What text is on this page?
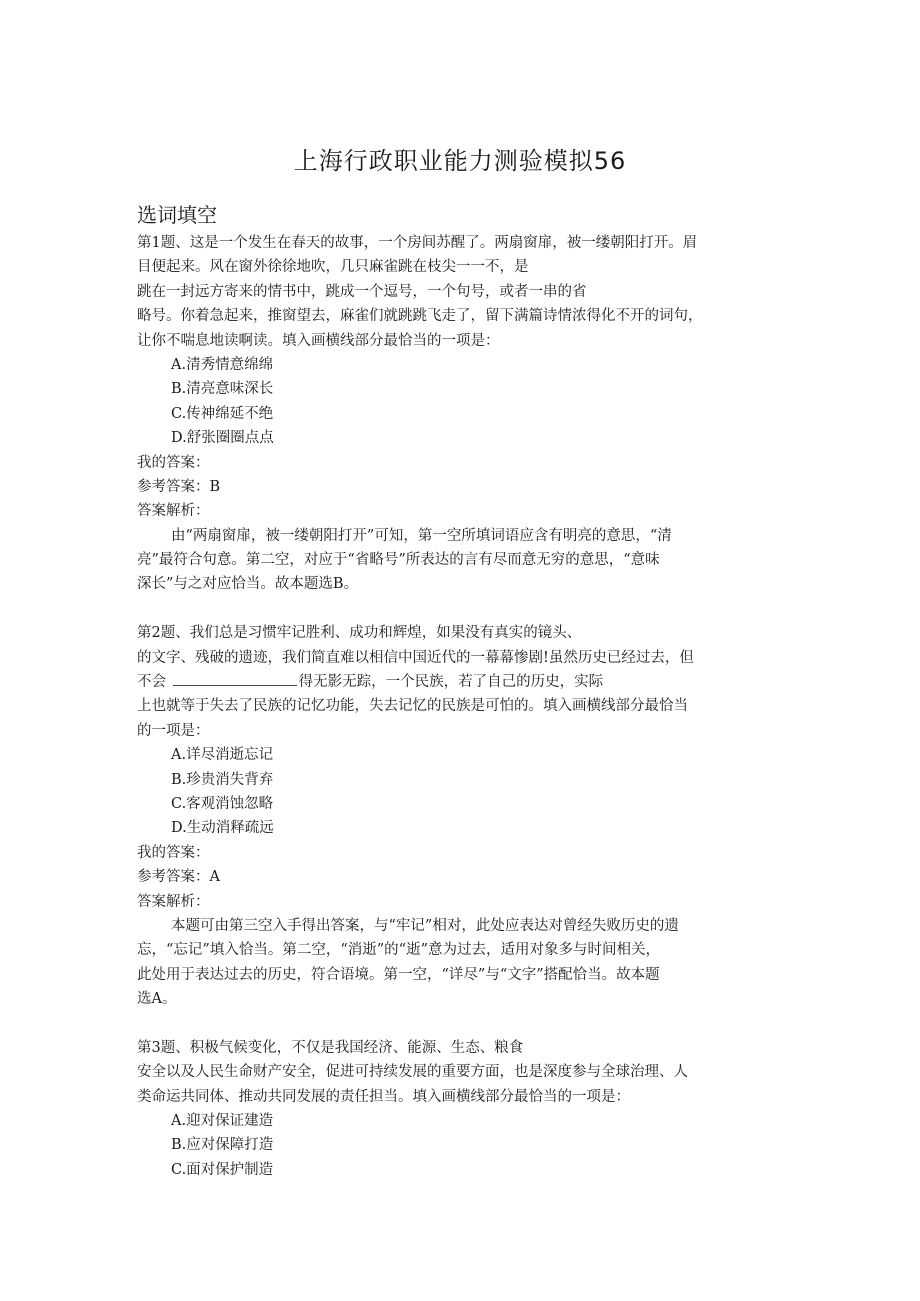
上海行政职业能力测验模拟56
选词填空
第1题、这是一个发生在春天的故事，一个房间苏醒了。两扇窗扉，被一缕朝阳打开。眉
目便起来。风在窗外徐徐地吹，几只麻雀跳在枝尖一一不，是
跳在一封远方寄来的情书中，跳成一个逗号，一个句号，或者一串的省
略号。你着急起来，推窗望去，麻雀们就跳跳飞走了，留下满篇诗情浓得化不开的词句，
让你不喘息地读啊读。填入画横线部分最恰当的一项是：
A.清秀情意绵绵
B.清亮意味深长
C.传神绵延不绝
D.舒张圈圈点点
我的答案：
参考答案：B
答案解析：
由“两扇窗扉，被一缕朝阳打开”可知，第一空所填词语应含有明亮的意思，“清
亮”最符合句意。第二空，对应于“省略号”所表达的言有尽而意无穷的意思，“意味
深长”与之对应恰当。故本题选B。
第2题、我们总是习惯牢记胜利、成功和辉煌，如果没有真实的镜头、
的文字、残破的遗迹，我们简直难以相信中国近代的一幕幕惨剧!虽然历史已经过去，但
不会	得无影无踪，一个民族，若了自己的历史，实际
上也就等于失去了民族的记忆功能，失去记忆的民族是可怕的。填入画横线部分最恰当
的一项是：
A.详尽消逝忘记
B.珍贵消失背弃
C.客观消蚀忽略
D.生动消释疏远
我的答案：
参考答案：A
答案解析：
本题可由第三空入手得出答案，与“牢记”相对，此处应表达对曾经失败历史的遗
忘，“忘记”填入恰当。第二空，“消逝”的“逝”意为过去，适用对象多与时间相关，
此处用于表达过去的历史，符合语境。第一空，“详尽”与“文字”搭配恰当。故本题
选A。
第3题、积极气候变化，不仅是我国经济、能源、生态、粮食
安全以及人民生命财产安全，促进可持续发展的重要方面，也是深度参与全球治理、人
类命运共同体、推动共同发展的责任担当。填入画横线部分最恰当的一项是：
A.迎对保证建造
B.应对保障打造
C.面对保护制造
